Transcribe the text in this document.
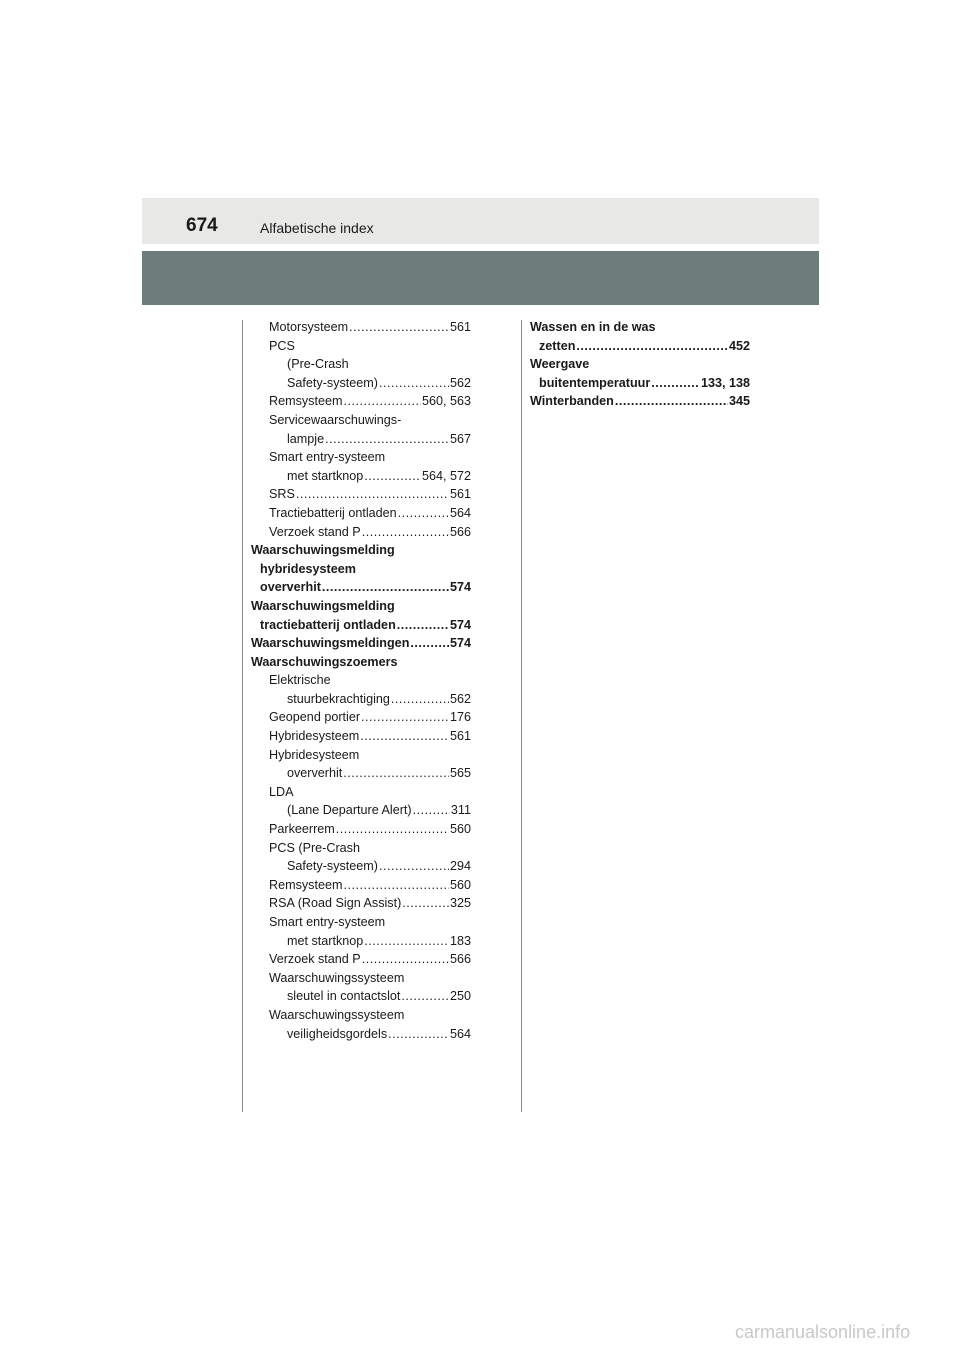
674	Alfabetische index
Motorsysteem .....	561
PCS
(Pre-Crash
Safety-systeem) .....	562
Remsysteem .....	560, 563
Servicewaarschuwings-
lampje .....	567
Smart entry-systeem
met startknop .....	564, 572
SRS .....	561
Tractiebatterij ontladen .....	564
Verzoek stand P .....	566
Waarschuwingsmelding
hybridesysteem
oververhit .....	574
Waarschuwingsmelding
tractiebatterij ontladen .....	574
Waarschuwingsmeldingen .....	574
Waarschuwingszoemers
Elektrische
stuurbekrachtiging .....	562
Geopend portier .....	176
Hybridesysteem .....	561
Hybridesysteem
oververhit .....	565
LDA
(Lane Departure Alert) .....	311
Parkeerrem .....	560
PCS (Pre-Crash
Safety-systeem) .....	294
Remsysteem .....	560
RSA (Road Sign Assist) .....	325
Smart entry-systeem
met startknop .....	183
Verzoek stand P .....	566
Waarschuwingssysteem
sleutel in contactslot .....	250
Waarschuwingssysteem
veiligheidsgordels .....	564
Wassen en in de was
zetten .....	452
Weergave
buitentemperatuur .....	133, 138
Winterbanden .....	345
carmanualsonline.info
